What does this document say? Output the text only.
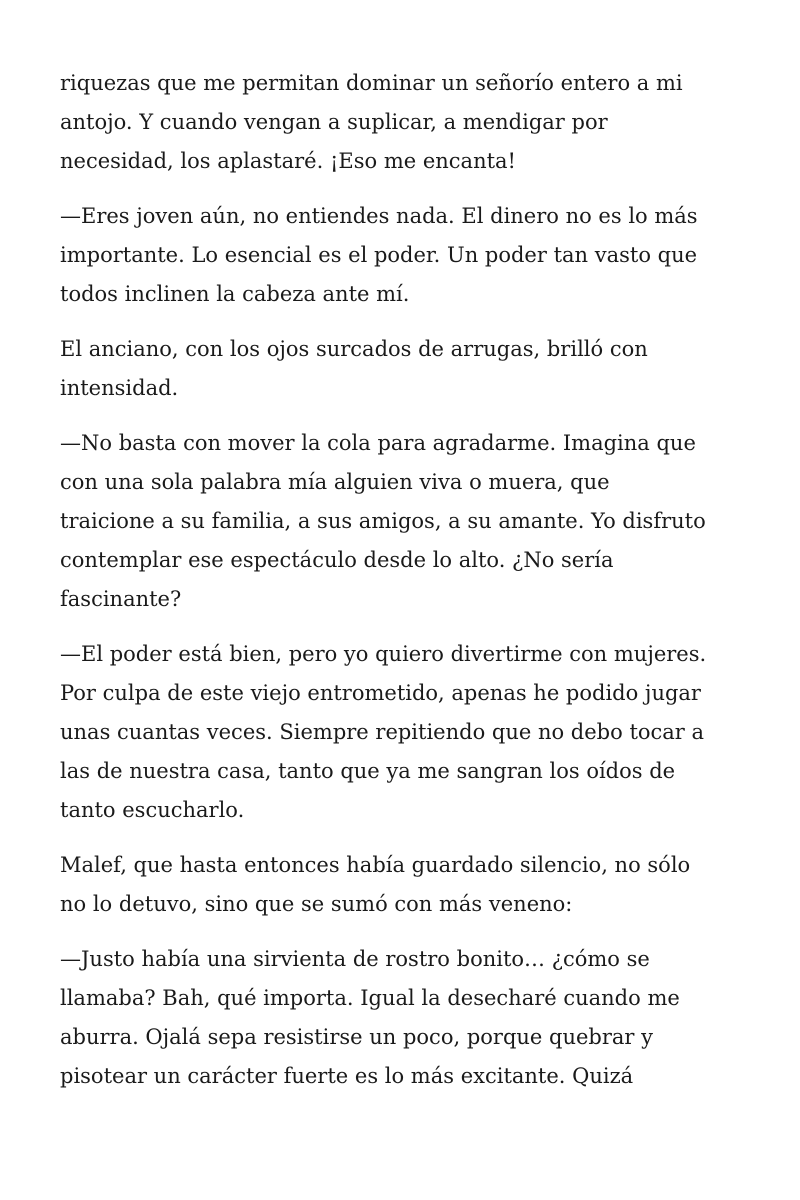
riquezas que me permitan dominar un señorío entero a mi
antojo. Y cuando vengan a suplicar, a mendigar por
necesidad, los aplastaré. ¡Eso me encanta!

—Eres joven aún, no entiendes nada. El dinero no es lo más
importante. Lo esencial es el poder. Un poder tan vasto que
todos inclinen la cabeza ante mí.

El anciano, con los ojos surcados de arrugas, brilló con
intensidad.

—No basta con mover la cola para agradarme. Imagina que
con una sola palabra mía alguien viva o muera, que
traicione a su familia, a sus amigos, a su amante. Yo disfruto
contemplar ese espectáculo desde lo alto. ¿No sería
fascinante?

—El poder está bien, pero yo quiero divertirme con mujeres.
Por culpa de este viejo entrometido, apenas he podido jugar
unas cuantas veces. Siempre repitiendo que no debo tocar a
las de nuestra casa, tanto que ya me sangran los oídos de
tanto escucharlo.

Malef, que hasta entonces había guardado silencio, no sólo
no lo detuvo, sino que se sumó con más veneno:

—Justo había una sirvienta de rostro bonito… ¿cómo se
llamaba? Bah, qué importa. Igual la desecharé cuando me
aburra. Ojalá sepa resistirse un poco, porque quebrar y
pisotear un carácter fuerte es lo más excitante. Quizá
